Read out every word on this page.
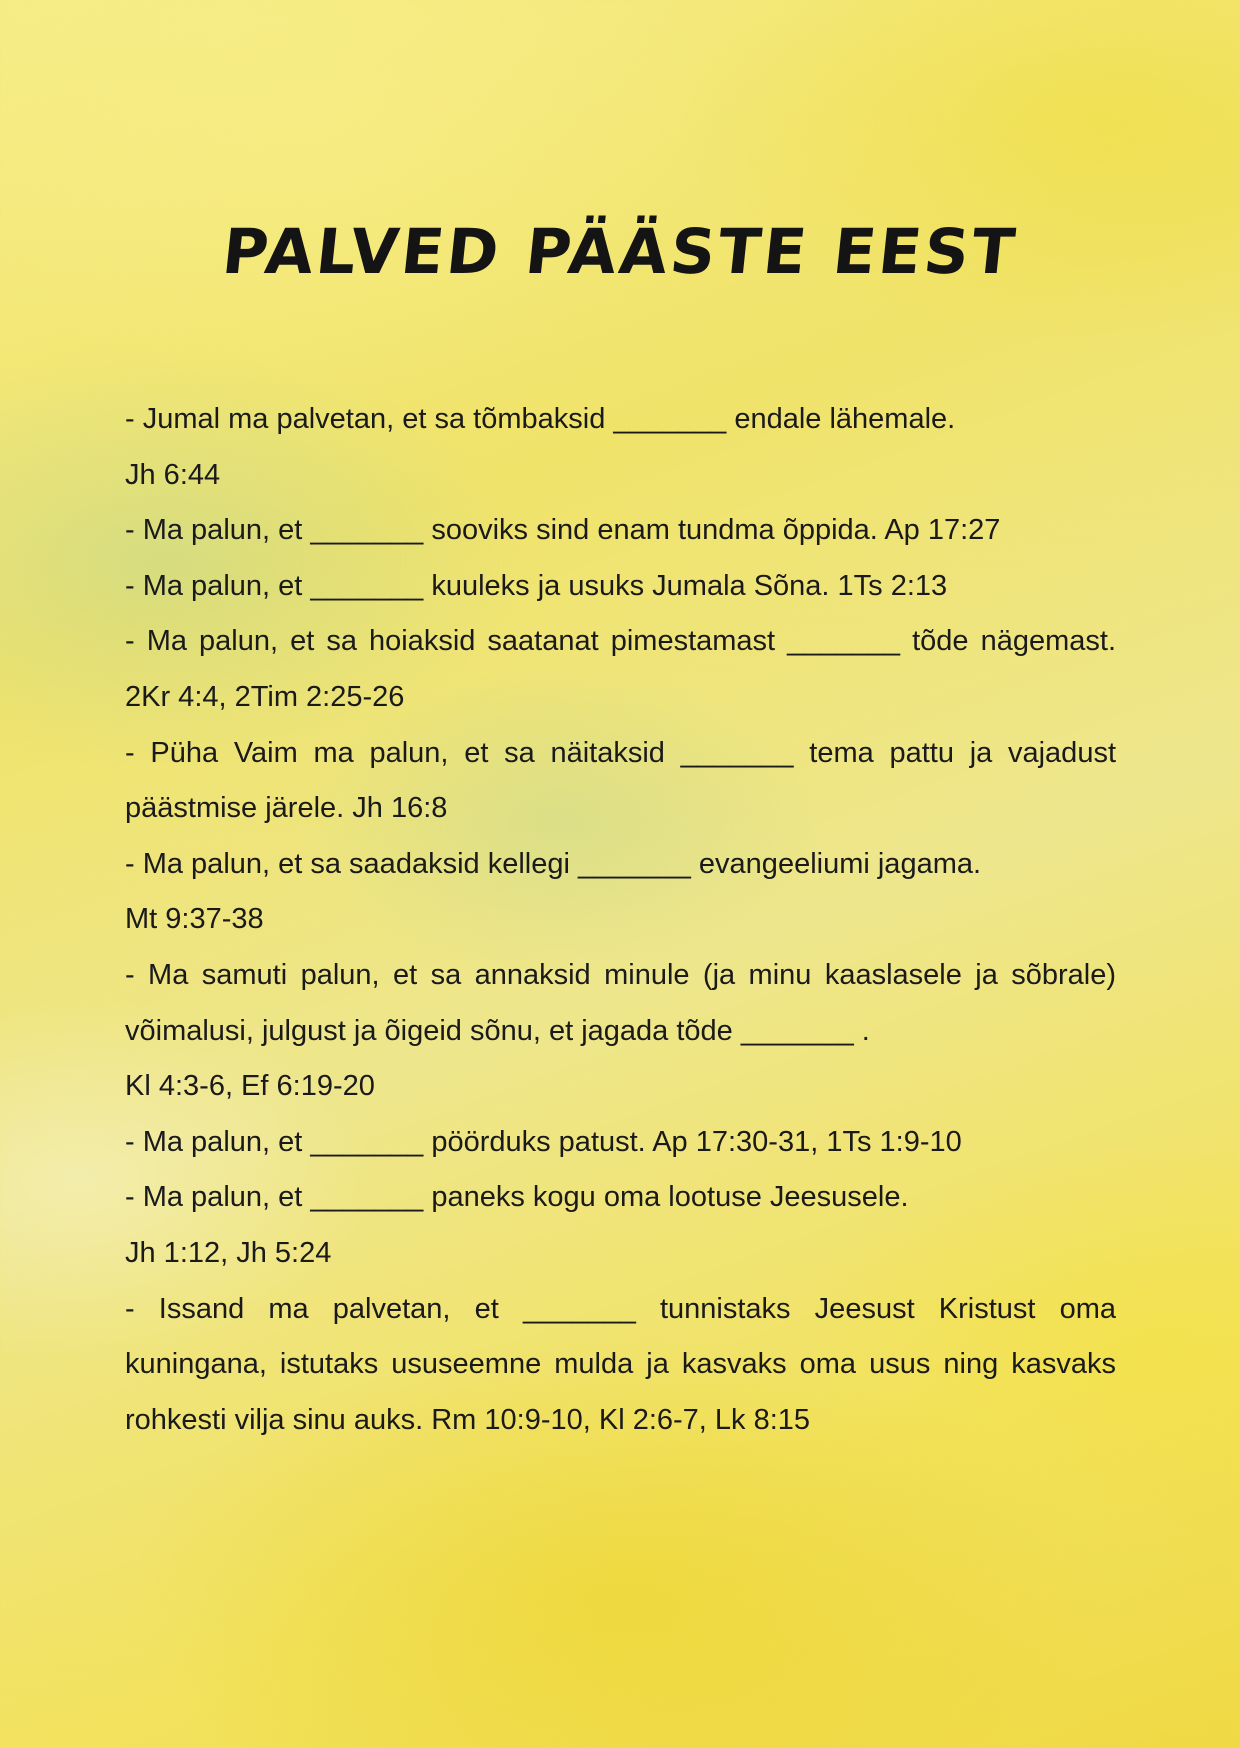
PALVED PÄÄSTE EEST

- Jumal ma palvetan, et sa tõmbaksid _______ endale lähemale.

Jh 6:44

- Ma palun, et _______ sooviks sind enam tundma õppida. Ap 17:27

- Ma palun, et _______ kuuleks ja usuks Jumala Sõna. 1Ts 2:13

- Ma palun, et sa hoiaksid saatanat pimestamast _______ tõde nägemast. 2Kr 4:4, 2Tim 2:25-26

- Püha Vaim ma palun, et sa näitaksid _______ tema pattu ja vajadust päästmise järele. Jh 16:8

- Ma palun, et sa saadaksid kellegi _______ evangeeliumi jagama.

Mt 9:37-38

- Ma samuti palun, et sa annaksid minule (ja minu kaaslasele ja sõbrale) võimalusi, julgust ja õigeid sõnu, et jagada tõde _______ .

Kl 4:3-6, Ef 6:19-20

- Ma palun, et _______ pöörduks patust. Ap 17:30-31, 1Ts 1:9-10

- Ma palun, et _______ paneks kogu oma lootuse Jeesusele.

Jh 1:12, Jh 5:24

- Issand ma palvetan, et _______ tunnistaks Jeesust Kristust oma kuningana, istutaks ususeemne mulda ja kasvaks oma usus ning kasvaks rohkesti vilja sinu auks. Rm 10:9-10, Kl 2:6-7, Lk 8:15
